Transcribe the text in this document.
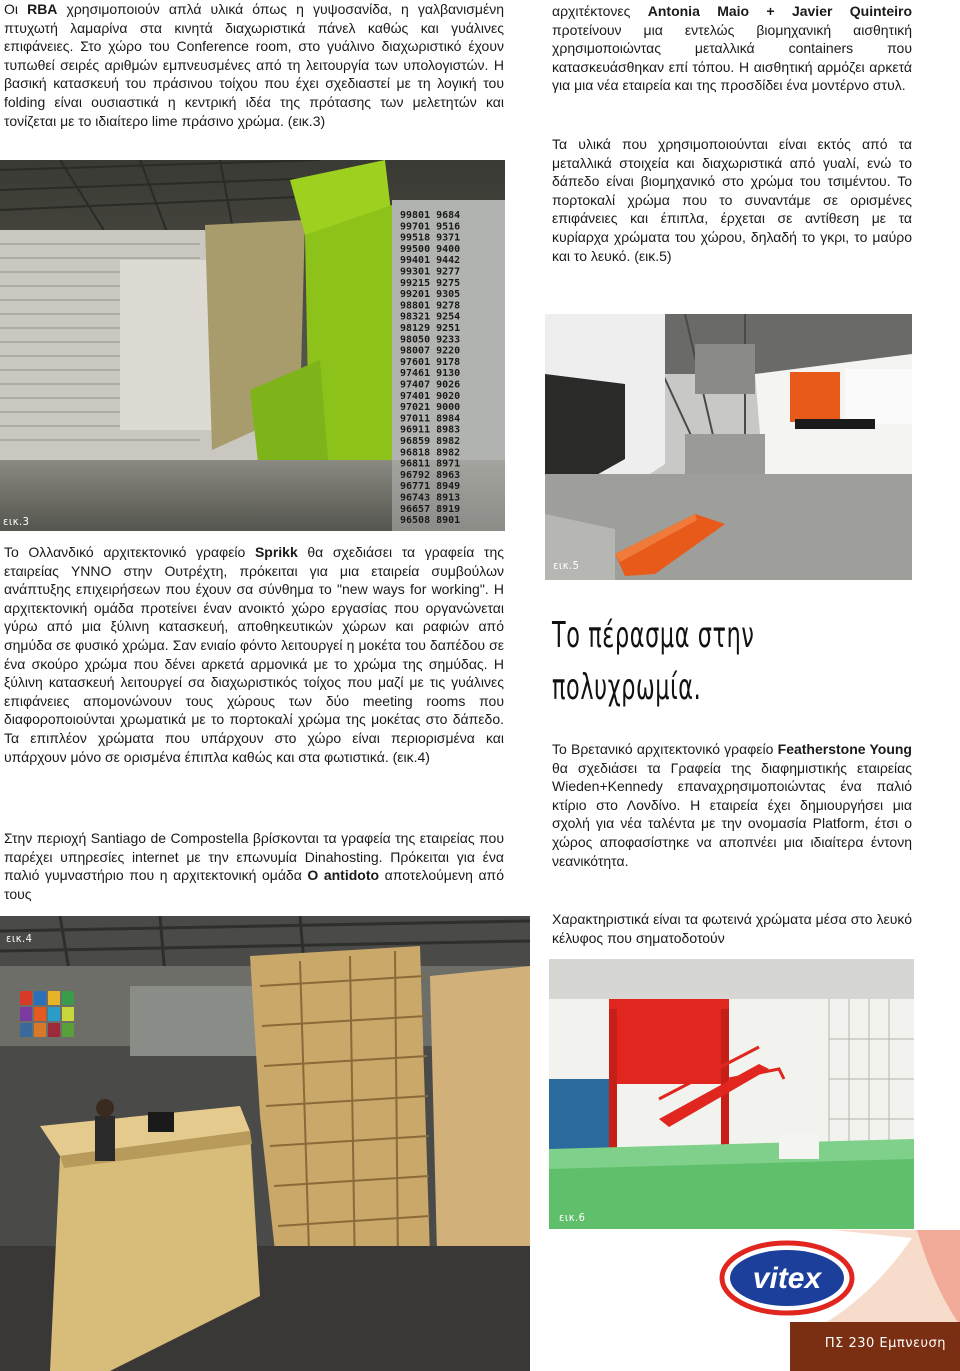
Οι RBA χρησιμοποιούν απλά υλικά όπως η γυψοσανίδα, η γαλβανισμένη πτυχωτή λαμαρίνα στα κινητά διαχωριστικά πάνελ καθώς και γυάλινες επιφάνειες. Στο χώρο του Conference room, στο γυάλινο διαχωριστικό έχουν τυπωθεί σειρές αριθμών εμπνευσμένες από τη λειτουργία των υπολογιστών. Η βασική κατασκευή του πράσινου τοίχου που έχει σχεδιαστεί με τη λογική του folding είναι ουσιαστικά η κεντρική ιδέα της πρότασης των μελετητών και τονίζεται με το ιδιαίτερο lime πράσινο χρώμα. (εικ.3)

99801 9684
99701 9516
99518 9371
99500 9400
99401 9442
99301 9277
99215 9275
99201 9305
98801 9278
98321 9254
98129 9251
98050 9233
98007 9220
97601 9178
97461 9130
97407 9026
97401 9020
97021 9000
97011 8984
96911 8983
96859 8982
96818 8982
96811 8971
96792 8963
96771 8949
96743 8913
96657 8919
96508 8901
εικ.3

Το Ολλανδικό αρχιτεκτονικό γραφείο Sprikk θα σχεδιάσει τα γραφεία της εταιρείας YNNO στην Ουτρέχτη, πρόκειται για μια εταιρεία συμβούλων ανάπτυξης επιχειρήσεων που έχουν σα σύνθημα το "new ways for working". Η αρχιτεκτονική ομάδα προτείνει έναν ανοικτό χώρο εργασίας που οργανώνεται γύρω από μια ξύλινη κατασκευή, αποθηκευτικών χώρων και ραφιών από σημύδα σε φυσικό χρώμα. Σαν ενιαίο φόντο λειτουργεί η μοκέτα του δαπέδου σε ένα σκούρο χρώμα που δένει αρκετά αρμονικά με το χρώμα της σημύδας. Η ξύλινη κατασκευή λειτουργεί σα διαχωριστικός τοίχος που μαζί με τις γυάλινες επιφάνειες απομονώνουν τους χώρους των δύο meeting rooms που διαφοροποιούνται χρωματικά με το πορτοκαλί χρώμα της μοκέτας στο δάπεδο. Τα επιπλέον χρώματα που υπάρχουν στο χώρο είναι περιορισμένα και υπάρχουν μόνο σε ορισμένα έπιπλα καθώς και στα φωτιστικά. (εικ.4)

Στην περιοχή Santiago de Compostella βρίσκονται τα γραφεία της εταιρείας που παρέχει υπηρεσίες internet με την επωνυμία Dinahosting. Πρόκειται για ένα παλιό γυμναστήριο που η αρχιτεκτονική ομάδα O antidoto αποτελούμενη από τους

εικ.4

αρχιτέκτονες Antonia Maio + Javier Quinteiro προτείνουν μια εντελώς βιομηχανική αισθητική χρησιμοποιώντας μεταλλικά containers που κατασκευάσθηκαν επί τόπου. Η αισθητική αρμόζει αρκετά για μια νέα εταιρεία και της προσδίδει ένα μοντέρνο στυλ.

Τα υλικά που χρησιμοποιούνται είναι εκτός από τα μεταλλικά στοιχεία και διαχωριστικά από γυαλί, ενώ το δάπεδο είναι βιομηχανικό στο χρώμα του τσιμέντου. Το πορτοκαλί χρώμα που το συναντάμε σε ορισμένες επιφάνειες και έπιπλα, έρχεται σε αντίθεση με τα κυρίαρχα χρώματα του χώρου, δηλαδή το γκρι, το μαύρο και το λευκό. (εικ.5)

εικ.5
Το πέρασμα στην
πολυχρωμία.

Το Βρετανικό αρχιτεκτονικό γραφείο Featherstone Young θα σχεδιάσει τα Γραφεία της διαφημιστικής εταιρείας Wieden+Kennedy επαναχρησιμοποιώντας ένα παλιό κτίριο στο Λονδίνο. Η εταιρεία έχει δημιουργήσει μια σχολή για νέα ταλέντα με την ονομασία Platform, έτσι ο χώρος αποφασίστηκε να αποπνέει μια ιδιαίτερα έντονη νεανικότητα.

Χαρακτηριστικά είναι τα φωτεινά χρώματα μέσα στο λευκό κέλυφος που σηματοδοτούν

εικ.6
vitex
ΠΣ 230 Εμπνευση
